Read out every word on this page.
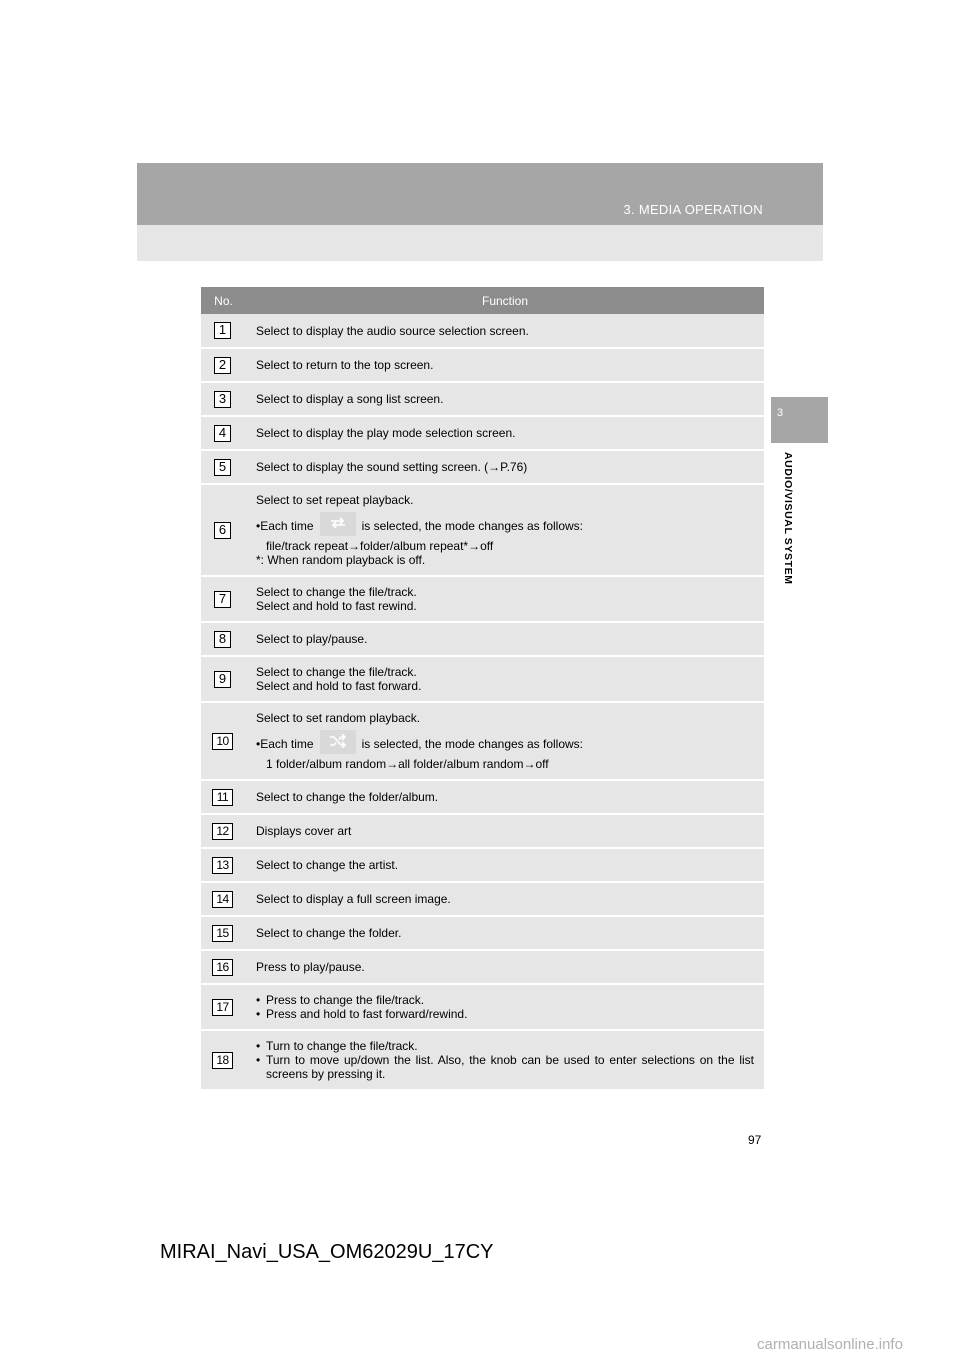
3. MEDIA OPERATION
3
AUDIO/VISUAL SYSTEM
No.	Function
1	Select to display the audio source selection screen.

2	Select to return to the top screen.

3	Select to display a song list screen.

4	Select to display the play mode selection screen.

5	Select to display the sound setting screen. (→P.76)

6	Select to set repeat playback.
•Each time is selected, the mode changes as follows:
file/track repeat→folder/album repeat*→off
*: When random playback is off.

7	Select to change the file/track.
Select and hold to fast rewind.

8	Select to play/pause.

9	Select to change the file/track.
Select and hold to fast forward.

10	Select to set random playback.
•Each time is selected, the mode changes as follows:
1 folder/album random→all folder/album random→off

11	Select to change the folder/album.

12	Displays cover art

13	Select to change the artist.

14	Select to display a full screen image.

15	Select to change the folder.

16	Press to play/pause.

17	• Press to change the file/track.
• Press and hold to fast forward/rewind.

18	• Turn to change the file/track.
• Turn to move up/down the list. Also, the knob can be used to enter selections on the list screens by pressing it.
97
MIRAI_Navi_USA_OM62029U_17CY
carmanualsonline.info
